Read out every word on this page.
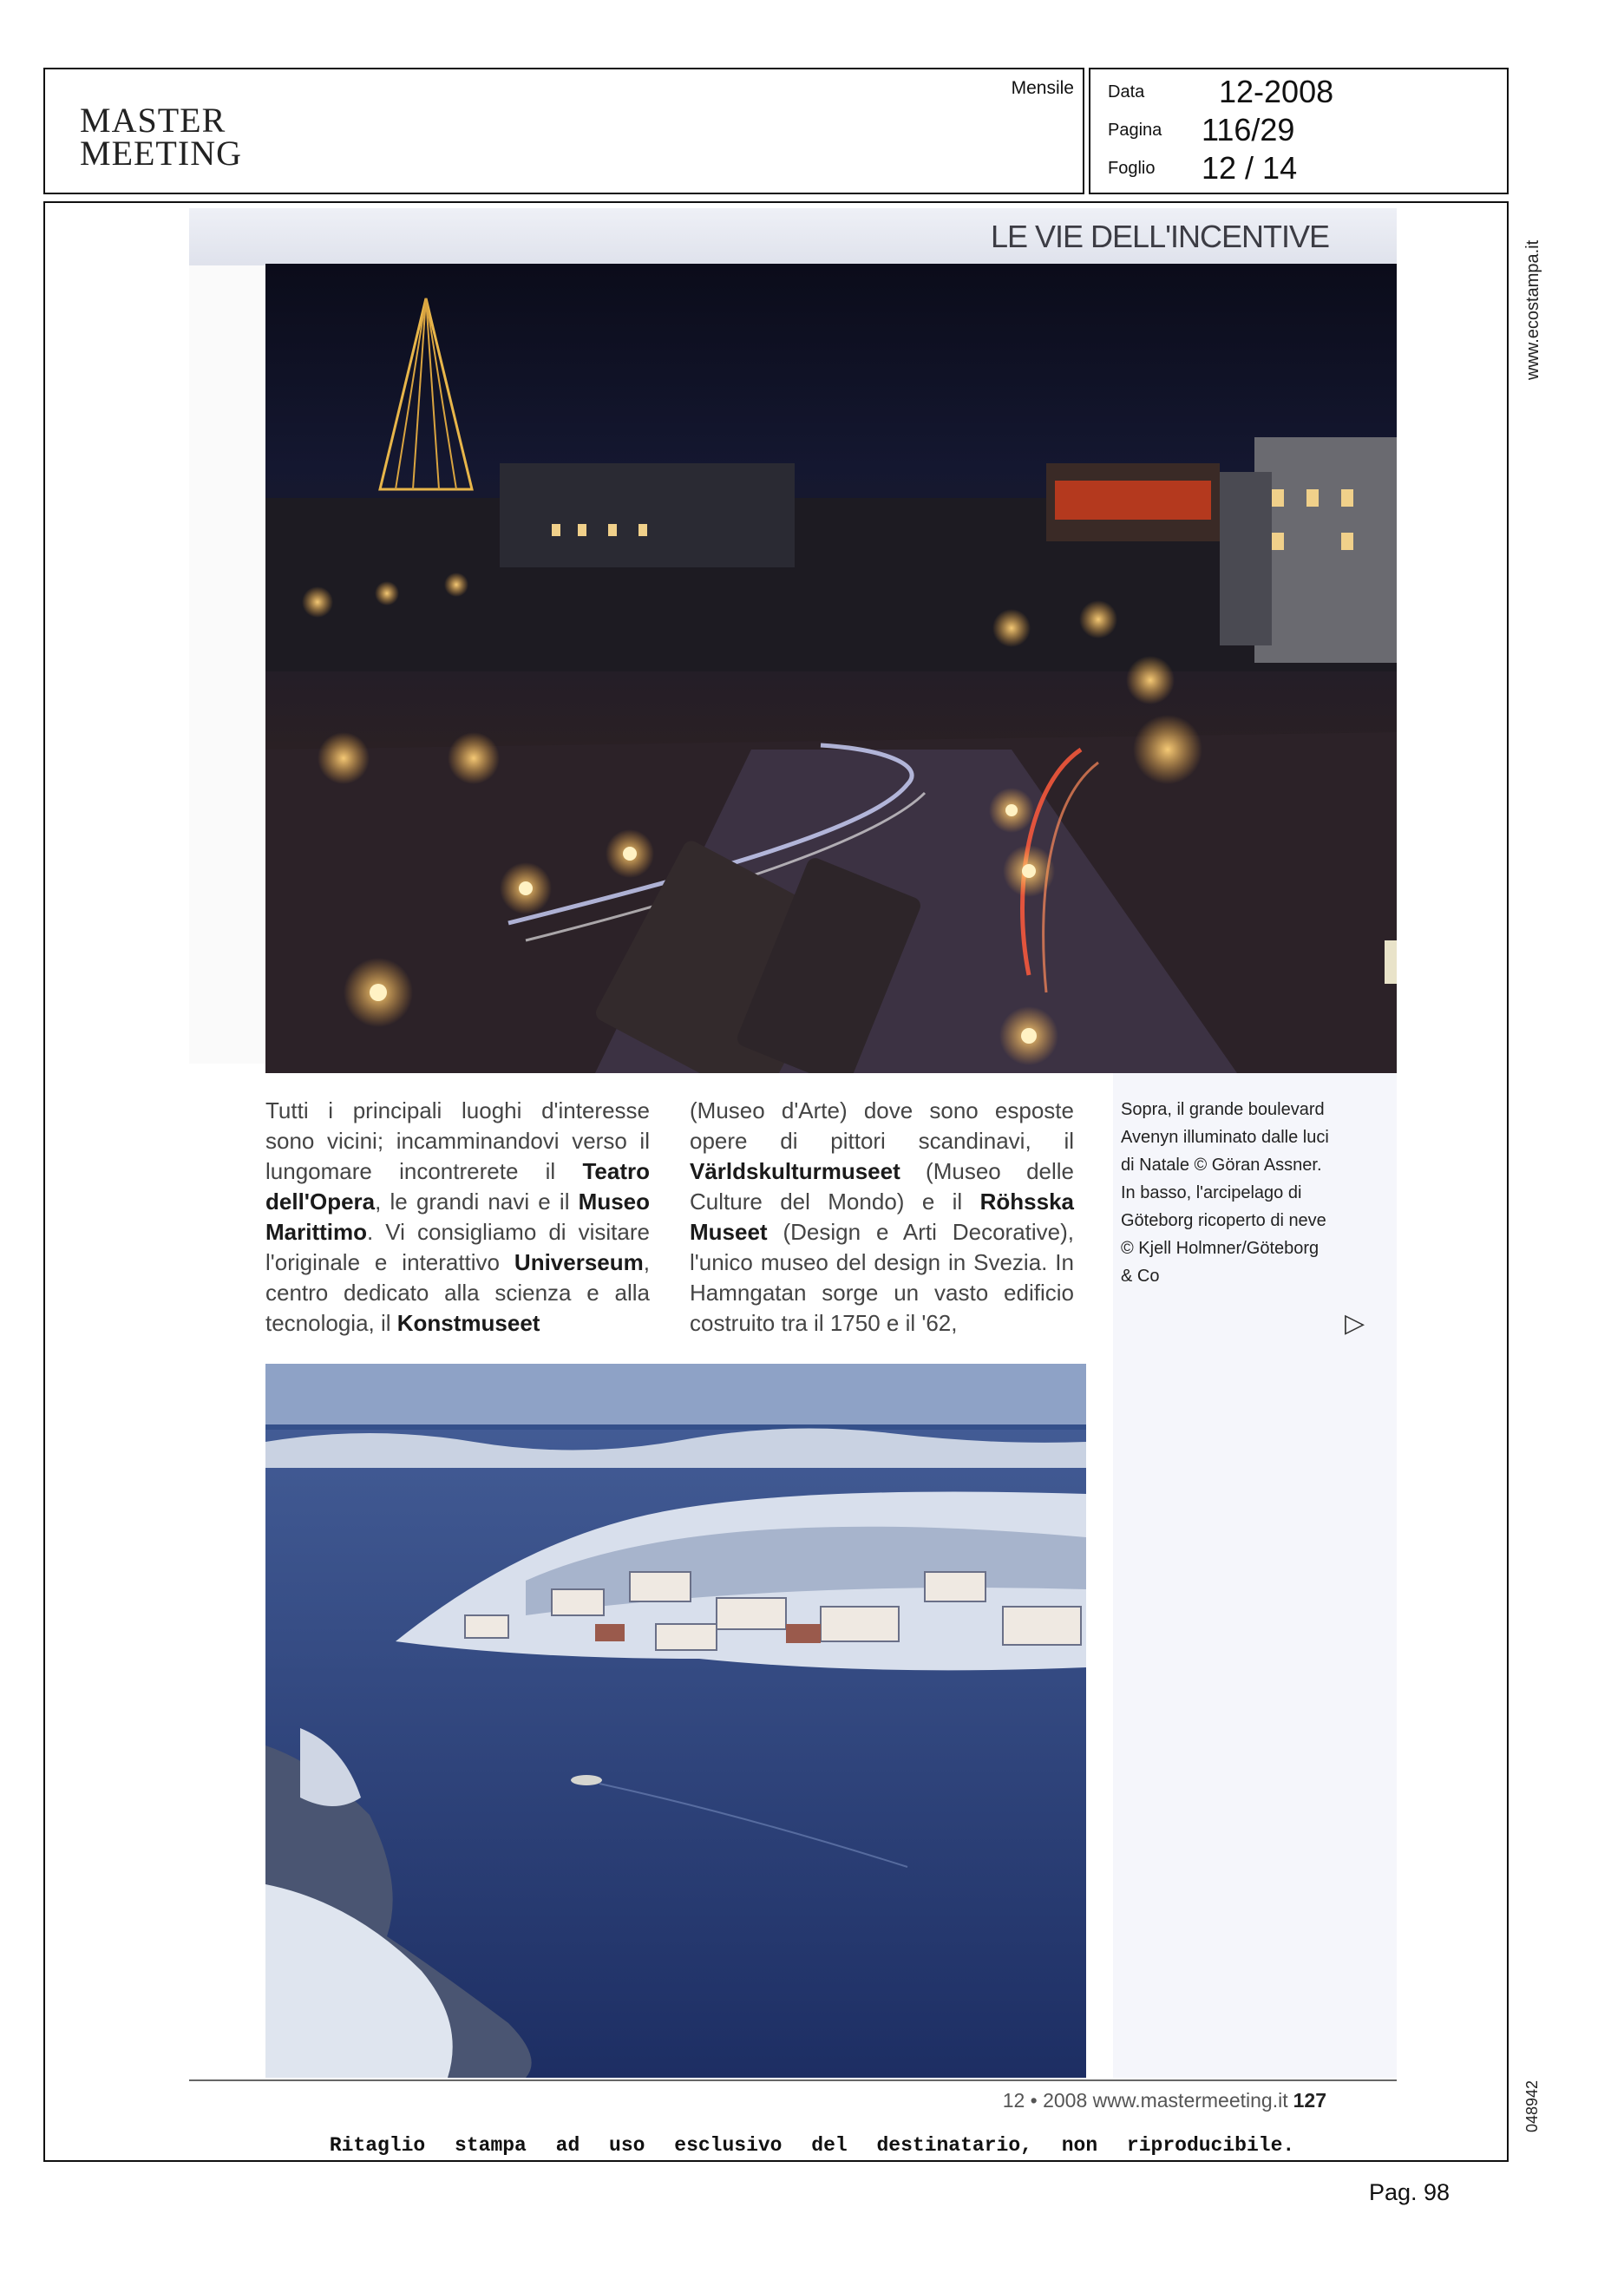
MASTER
MEETING
Mensile Data	12-2008
Pagina	116/29
Foglio	12 / 14
www.ecostampa.it
048942
LE VIE DELL'INCENTIVE
Tutti i principali luoghi d'interesse sono vicini; incamminandovi verso il lungomare incontrerete il Teatro dell'Opera, le grandi navi e il Museo Marittimo. Vi consigliamo di visitare l'originale e interattivo Universeum, centro dedicato alla scienza e alla tecnologia, il Konstmuseet
(Museo d'Arte) dove sono esposte opere di pittori scandinavi, il Världskulturmuseet (Museo delle Culture del Mondo) e il Röhsska Museet (Design e Arti Decorative), l'unico museo del design in Svezia. In Hamngatan sorge un vasto edificio costruito tra il 1750 e il '62,
Sopra, il grande boulevard Avenyn illuminato dalle luci di Natale © Göran Assner. In basso, l'arcipelago di Göteborg ricoperto di neve © Kjell Holmner/Göteborg & Co
▷
12 • 2008 www.mastermeeting.it 127
Ritaglio stampa ad uso esclusivo del destinatario, non riproducibile.
Pag. 98
